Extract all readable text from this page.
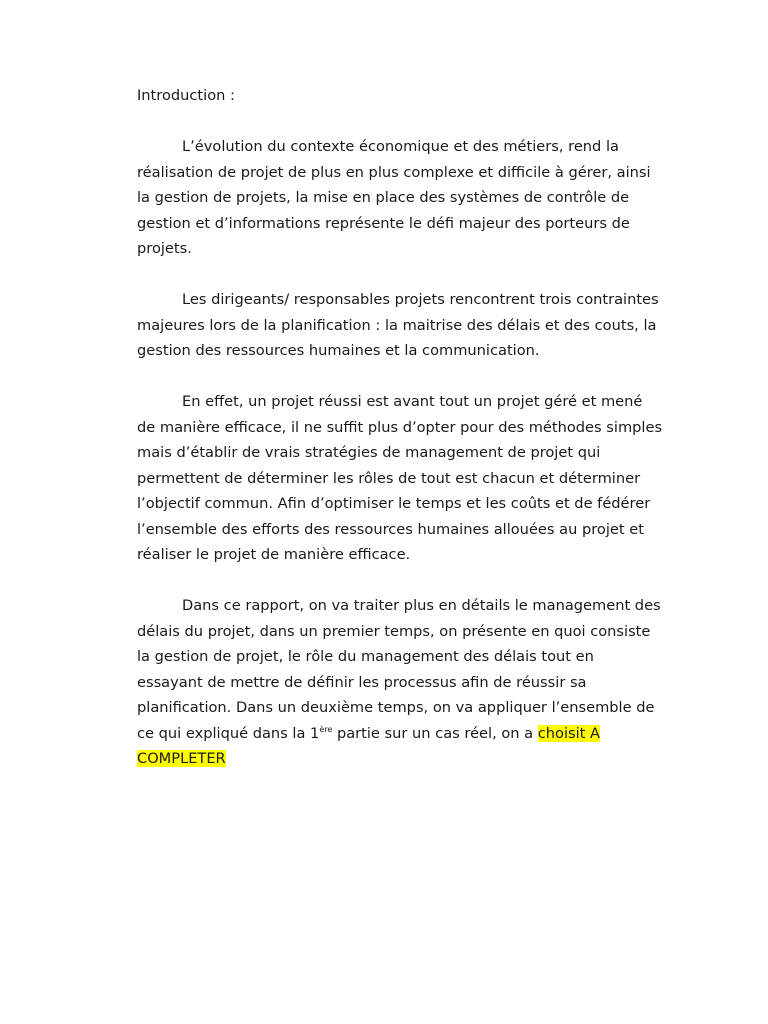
Introduction :

L’évolution du contexte économique et des métiers, rend la
réalisation de projet de plus en plus complexe et difficile à gérer, ainsi
la gestion de projets, la mise en place des systèmes de contrôle de
gestion et d’informations représente le défi majeur des porteurs de
projets.
Les dirigeants/ responsables projets rencontrent trois contraintes
majeures lors de la planification : la maitrise des délais et des couts, la
gestion des ressources humaines et la communication.
En effet, un projet réussi est avant tout un projet géré et mené
de manière efficace, il ne suffit plus d’opter pour des méthodes simples
mais d’établir de vrais stratégies de management de projet qui
permettent de déterminer les rôles de tout est chacun et déterminer
l’objectif commun. Afin d’optimiser le temps et les coûts et de fédérer
l’ensemble des efforts des ressources humaines allouées au projet et
réaliser le projet de manière efficace.
Dans ce rapport, on va traiter plus en détails le management des
délais du projet, dans un premier temps, on présente en quoi consiste
la gestion de projet, le rôle du management des délais tout en
essayant de mettre de définir les processus afin de réussir sa
planification. Dans un deuxième temps, on va appliquer l’ensemble de
ce qui expliqué dans la 1ère partie sur un cas réel, on a choisit A
COMPLETER
